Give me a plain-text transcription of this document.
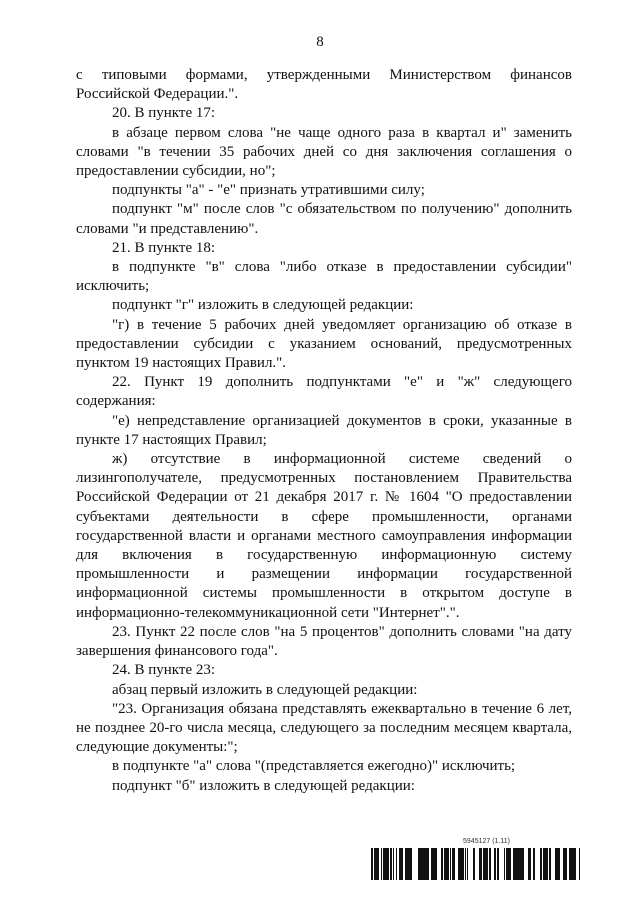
8

с типовыми формами, утвержденными Министерством финансов Российской Федерации.".

20. В пункте 17:

в абзаце первом слова "не чаще одного раза в квартал и" заменить словами "в течении 35 рабочих дней со дня заключения соглашения о предоставлении субсидии, но";

подпункты "а" - "е" признать утратившими силу;

подпункт "м" после слов "с обязательством по получению" дополнить словами "и представлению".

21. В пункте 18:

в подпункте "в" слова "либо отказе в предоставлении субсидии" исключить;

подпункт "г" изложить в следующей редакции:

"г) в течение 5 рабочих дней уведомляет организацию об отказе в предоставлении субсидии с указанием оснований, предусмотренных пунктом 19 настоящих Правил.".

22. Пункт 19 дополнить подпунктами "е" и "ж" следующего содержания:

"е) непредставление организацией документов в сроки, указанные в пункте 17 настоящих Правил;

ж) отсутствие в информационной системе сведений о лизингополучателе, предусмотренных постановлением Правительства Российской Федерации от 21 декабря 2017 г. № 1604 "О предоставлении субъектами деятельности в сфере промышленности, органами государственной власти и органами местного самоуправления информации для включения в государственную информационную систему промышленности и размещении информации государственной информационной системы промышленности в открытом доступе в информационно-телекоммуникационной сети "Интернет".".

23. Пункт 22 после слов "на 5 процентов" дополнить словами "на дату завершения финансового года".

24. В пункте 23:

абзац первый изложить в следующей редакции:

"23. Организация обязана представлять ежеквартально в течение 6 лет, не позднее 20-го числа месяца, следующего за последним месяцем квартала, следующие документы:";

в подпункте "а" слова "(представляется ежегодно)" исключить;

подпункт "б" изложить в следующей редакции:

5945127 (1.11)
